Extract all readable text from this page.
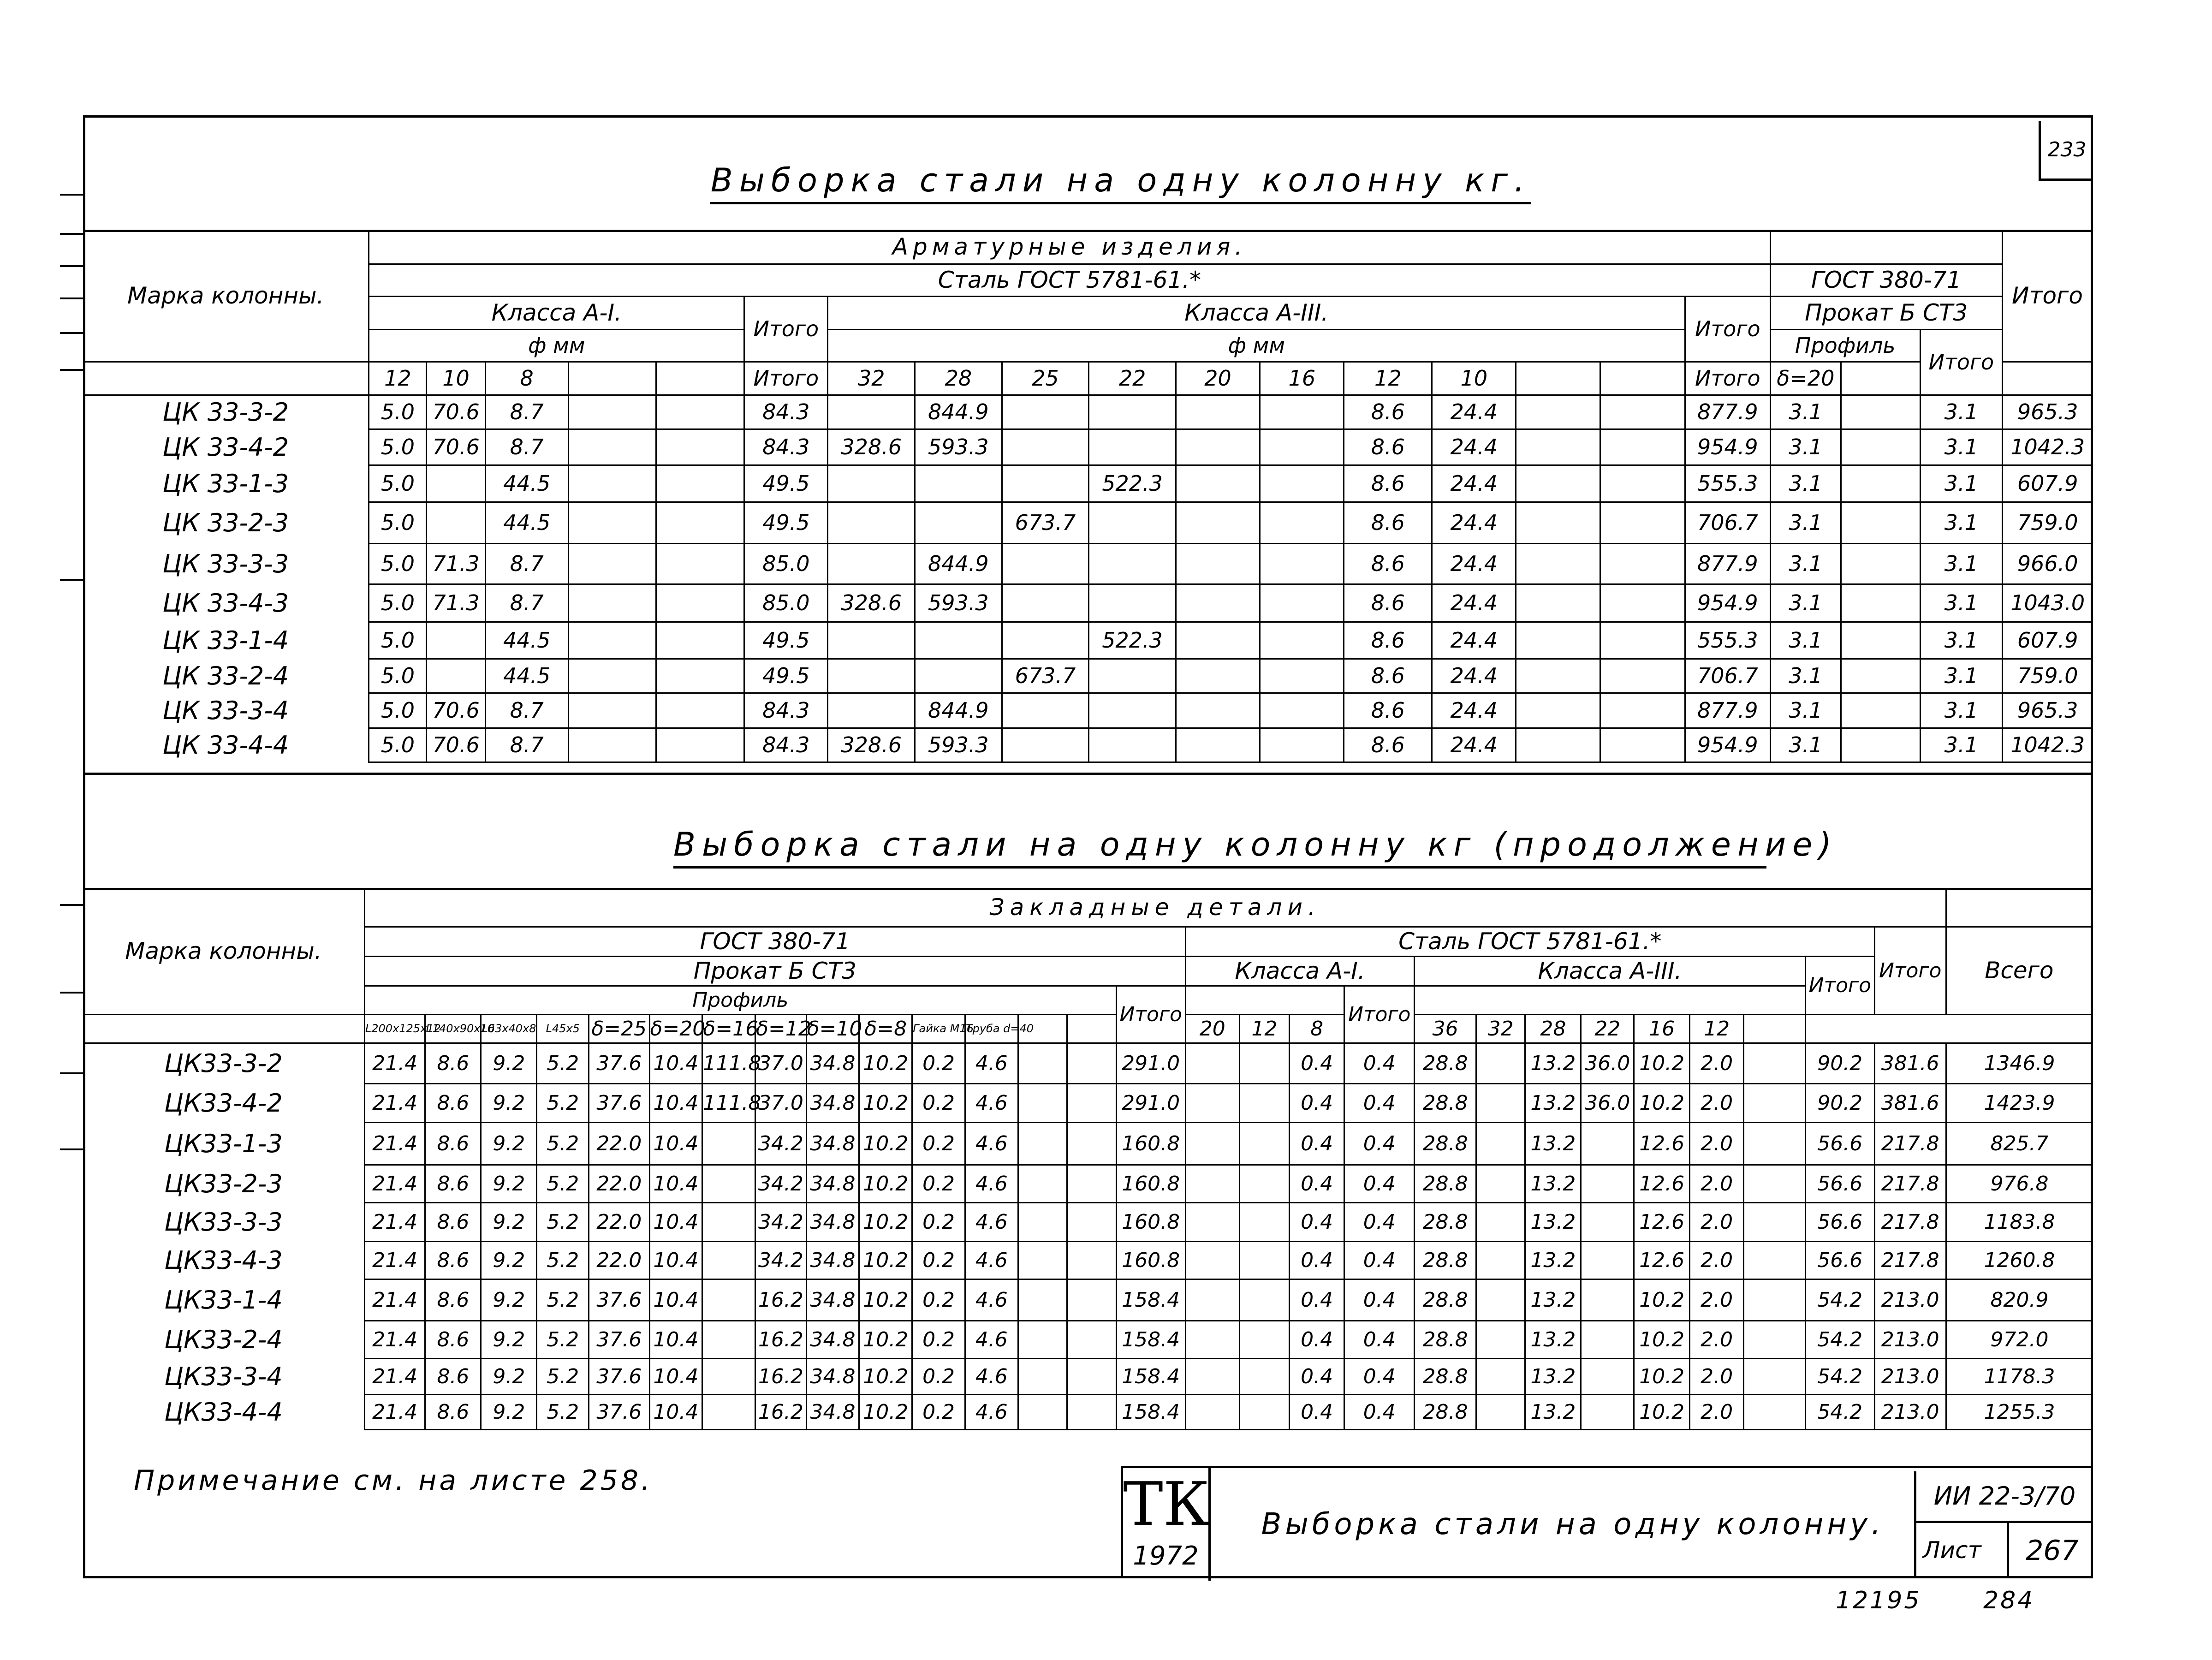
233
Выборка стали на одну колонну кг.
Выборка стали на одну колонну кг (продолжение)
Марка колонны.	Арматурные изделия.																				Итого
	Сталь ГОСТ 5781-61.*																	ГОСТ 380-71			
	Класса А-I.					Итого	Класса А-III.										Итого	Прокат Б СТ3			
	ф мм						ф мм											Профиль		Итого	
	12	10	8			Итого	32	28	25	22	20	16	12	10			Итого	δ=20			
ЦК 33-3-2	5.0	70.6	8.7			84.3		844.9					8.6	24.4			877.9	3.1		3.1	965.3
ЦК 33-4-2	5.0	70.6	8.7			84.3	328.6	593.3					8.6	24.4			954.9	3.1		3.1	1042.3
ЦК 33-1-3	5.0		44.5			49.5				522.3			8.6	24.4			555.3	3.1		3.1	607.9
ЦК 33-2-3	5.0		44.5			49.5			673.7				8.6	24.4			706.7	3.1		3.1	759.0
ЦК 33-3-3	5.0	71.3	8.7			85.0		844.9					8.6	24.4			877.9	3.1		3.1	966.0
ЦК 33-4-3	5.0	71.3	8.7			85.0	328.6	593.3					8.6	24.4			954.9	3.1		3.1	1043.0
ЦК 33-1-4	5.0		44.5			49.5				522.3			8.6	24.4			555.3	3.1		3.1	607.9
ЦК 33-2-4	5.0		44.5			49.5			673.7				8.6	24.4			706.7	3.1		3.1	759.0
ЦК 33-3-4	5.0	70.6	8.7			84.3		844.9					8.6	24.4			877.9	3.1		3.1	965.3
ЦК 33-4-4	5.0	70.6	8.7			84.3	328.6	593.3					8.6	24.4			954.9	3.1		3.1	1042.3
Марка колонны.	Закладные детали.																												
	ГОСТ 380-71															Сталь ГОСТ 5781-61.*												Итого	Всего
	Прокат Б СТ3															Класса А-I.				Класса А-III.							Итого		
	Профиль														Итого				Итого										
	L200x125x12	L140x90x10	L63x40x8	L45x5	δ=25	δ=20	δ=16	δ=12	δ=10	δ=8	Гайка M16	Труба d=40				20	12	8		36	32	28	22	16	12				
ЦК33-3-2	21.4	8.6	9.2	5.2	37.6	10.4	111.8	37.0	34.8	10.2	0.2	4.6			291.0			0.4	0.4	28.8		13.2	36.0	10.2	2.0		90.2	381.6	1346.9
ЦК33-4-2	21.4	8.6	9.2	5.2	37.6	10.4	111.8	37.0	34.8	10.2	0.2	4.6			291.0			0.4	0.4	28.8		13.2	36.0	10.2	2.0		90.2	381.6	1423.9
ЦК33-1-3	21.4	8.6	9.2	5.2	22.0	10.4		34.2	34.8	10.2	0.2	4.6			160.8			0.4	0.4	28.8		13.2		12.6	2.0		56.6	217.8	825.7
ЦК33-2-3	21.4	8.6	9.2	5.2	22.0	10.4		34.2	34.8	10.2	0.2	4.6			160.8			0.4	0.4	28.8		13.2		12.6	2.0		56.6	217.8	976.8
ЦК33-3-3	21.4	8.6	9.2	5.2	22.0	10.4		34.2	34.8	10.2	0.2	4.6			160.8			0.4	0.4	28.8		13.2		12.6	2.0		56.6	217.8	1183.8
ЦК33-4-3	21.4	8.6	9.2	5.2	22.0	10.4		34.2	34.8	10.2	0.2	4.6			160.8			0.4	0.4	28.8		13.2		12.6	2.0		56.6	217.8	1260.8
ЦК33-1-4	21.4	8.6	9.2	5.2	37.6	10.4		16.2	34.8	10.2	0.2	4.6			158.4			0.4	0.4	28.8		13.2		10.2	2.0		54.2	213.0	820.9
ЦК33-2-4	21.4	8.6	9.2	5.2	37.6	10.4		16.2	34.8	10.2	0.2	4.6			158.4			0.4	0.4	28.8		13.2		10.2	2.0		54.2	213.0	972.0
ЦК33-3-4	21.4	8.6	9.2	5.2	37.6	10.4		16.2	34.8	10.2	0.2	4.6			158.4			0.4	0.4	28.8		13.2		10.2	2.0		54.2	213.0	1178.3
ЦК33-4-4	21.4	8.6	9.2	5.2	37.6	10.4		16.2	34.8	10.2	0.2	4.6			158.4			0.4	0.4	28.8		13.2		10.2	2.0		54.2	213.0	1255.3
Примечание см. на листе 258.	ТК
1972
Выборка стали на одну колонну.
ИИ 22-3/70
Лист	267
12195	284
